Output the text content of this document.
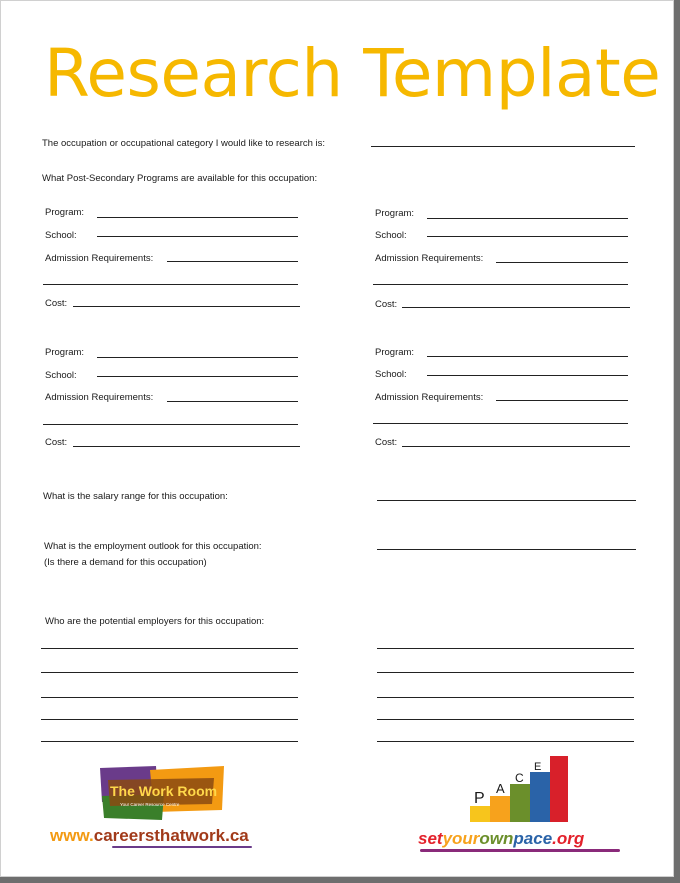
Research Template
The occupation or occupational category I would like to research is:
What Post-Secondary Programs are available for this occupation:
Program:
School:
Admission Requirements:
Cost:
Program:
School:
Admission Requirements:
Cost:
Program:
School:
Admission Requirements:
Cost:
Program:
School:
Admission Requirements:
Cost:
What is the salary range for this occupation:
What is the employment outlook for this occupation:
(Is there a demand for this occupation)
Who are the potential employers for this occupation:
The Work Room
Your Career Resource Centre
www.careersthatwork.ca
P
A
C
E
setyourownpace.org
